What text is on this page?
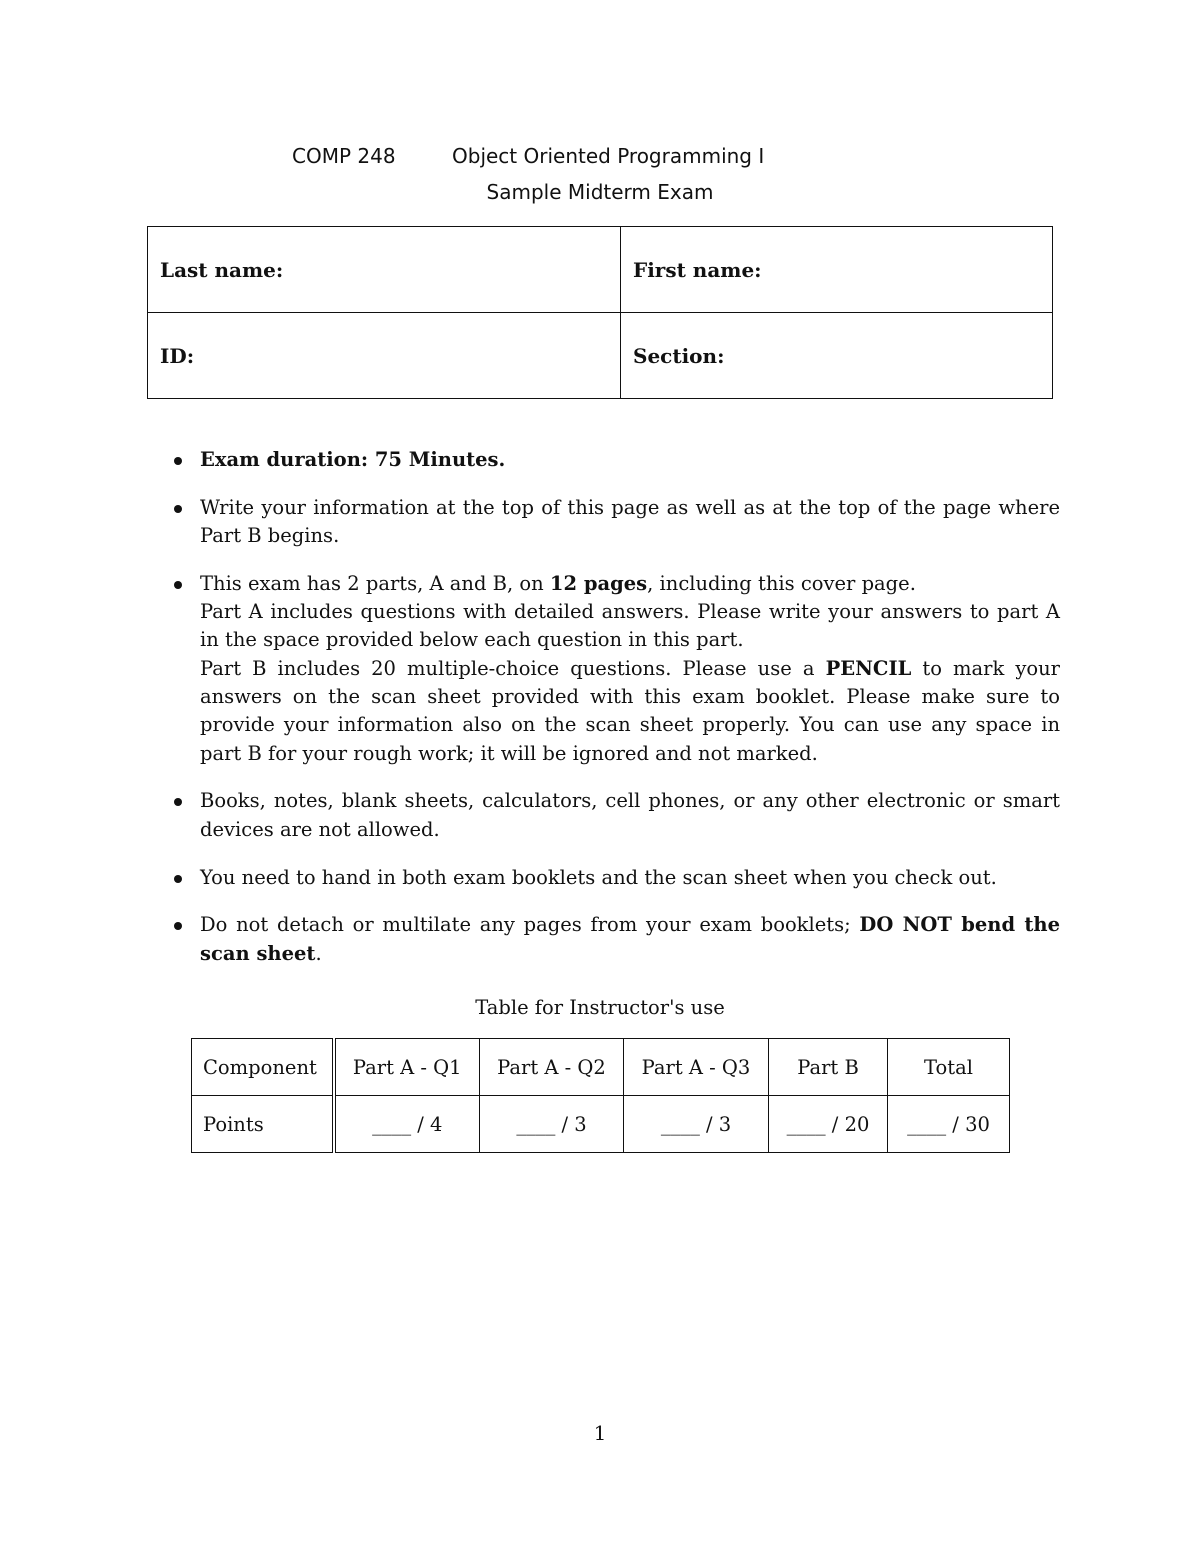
COMP 248	Object Oriented Programming I
Sample Midterm Exam
Last name:	First name:
ID:	Section:
Exam duration: 75 Minutes.
Write your information at the top of this page as well as at the top of the page where Part B begins.
This exam has 2 parts, A and B, on 12 pages, including this cover page.
Part A includes questions with detailed answers. Please write your answers to part A in the space provided below each question in this part.
Part B includes 20 multiple-choice questions. Please use a PENCIL to mark your answers on the scan sheet provided with this exam booklet. Please make sure to provide your information also on the scan sheet properly. You can use any space in part B for your rough work; it will be ignored and not marked.
Books, notes, blank sheets, calculators, cell phones, or any other electronic or smart devices are not allowed.
You need to hand in both exam booklets and the scan sheet when you check out.
Do not detach or multilate any pages from your exam booklets; DO NOT bend the scan sheet.
Table for Instructor's use
Component	Part A - Q1	Part A - Q2	Part A - Q3	Part B	Total
Points	____ / 4	____ / 3	____ / 3	____ / 20	____ / 30
1
